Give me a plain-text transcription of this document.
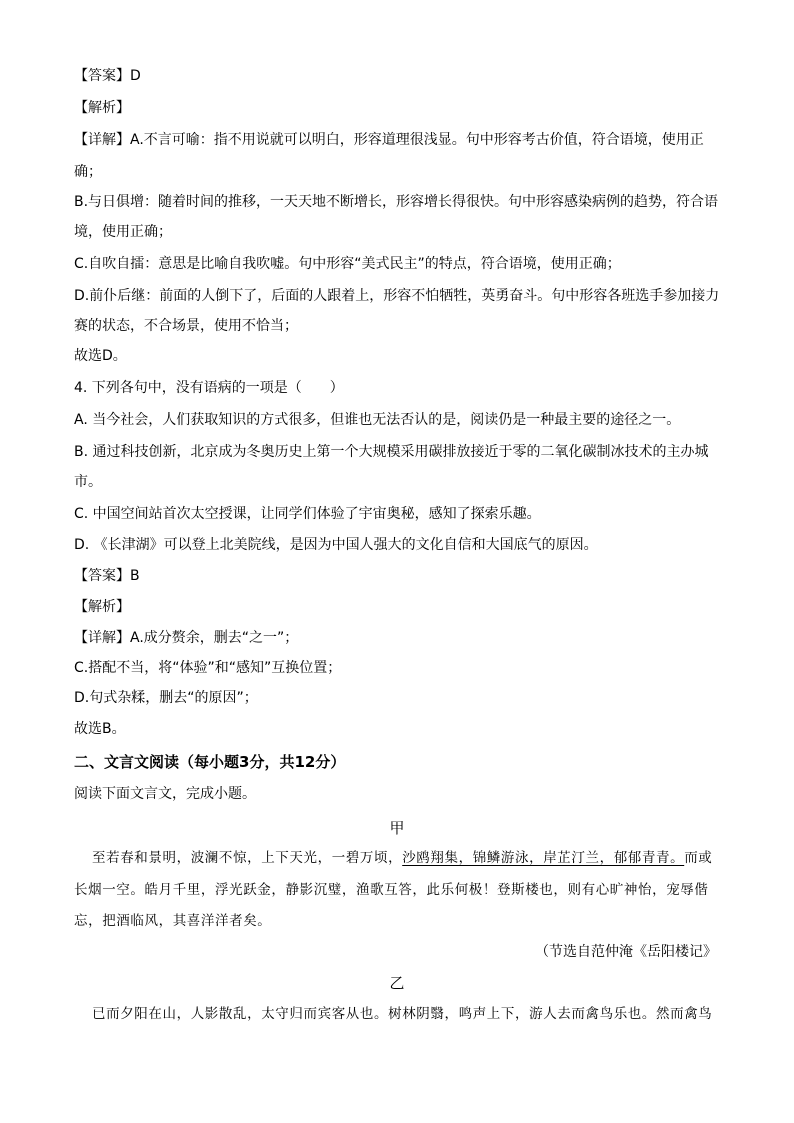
【答案】D
【解析】
【详解】A.不言可喻：指不用说就可以明白，形容道理很浅显。句中形容考古价值，符合语境，使用正
确；
B.与日俱增：随着时间的推移，一天天地不断增长，形容增长得很快。句中形容感染病例的趋势，符合语
境，使用正确；
C.自吹自擂：意思是比喻自我吹嘘。句中形容“美式民主”的特点，符合语境，使用正确；
D.前仆后继：前面的人倒下了，后面的人跟着上，形容不怕牺牲，英勇奋斗。句中形容各班选手参加接力
赛的状态，不合场景，使用不恰当；
故选D。
4. 下列各句中，没有语病的一项是（　　）
A. 当今社会，人们获取知识的方式很多，但谁也无法否认的是，阅读仍是一种最主要的途径之一。
B. 通过科技创新，北京成为冬奥历史上第一个大规模采用碳排放接近于零的二氧化碳制冰技术的主办城
市。
C. 中国空间站首次太空授课，让同学们体验了宇宙奥秘，感知了探索乐趣。
D. 《长津湖》可以登上北美院线，是因为中国人强大的文化自信和大国底气的原因。
【答案】B
【解析】
【详解】A.成分赘余，删去“之一”；
C.搭配不当，将“体验”和“感知”互换位置；
D.句式杂糅，删去“的原因”；
故选B。
二、文言文阅读（每小题3分，共12分）
阅读下面文言文，完成小题。
甲
至若春和景明，波澜不惊，上下天光，一碧万顷，沙鸥翔集，锦鳞游泳，岸芷汀兰，郁郁青青。而或
长烟一空。皓月千里，浮光跃金，静影沉璧，渔歌互答，此乐何极！登斯楼也，则有心旷神怡，宠辱偕
忘，把酒临风，其喜洋洋者矣。
（节选自范仲淹《岳阳楼记》
乙
已而夕阳在山，人影散乱，太守归而宾客从也。树林阴翳，鸣声上下，游人去而禽鸟乐也。然而禽鸟
